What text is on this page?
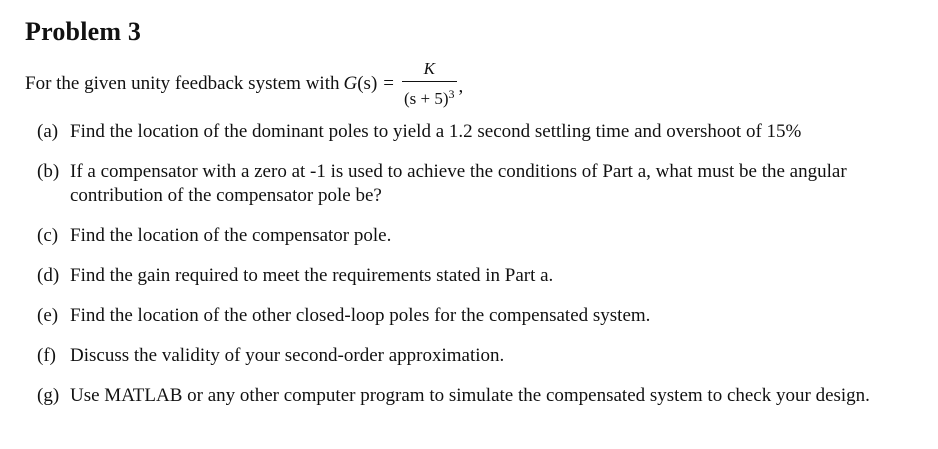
Problem 3
For the given unity feedback system with G $(s) = \frac{K}{(s + 5)^3}$ ,
(a) Find the location of the dominant poles to yield a 1.2 second settling time and overshoot of 15%
(b) If a compensator with a zero at -1 is used to achieve the conditions of Part a, what must be the angular contribution of the compensator pole be?
(c) Find the location of the compensator pole.
(d) Find the gain required to meet the requirements stated in Part a.
(e) Find the location of the other closed-loop poles for the compensated system.
(f) Discuss the validity of your second-order approximation.
(g) Use MATLAB or any other computer program to simulate the compensated system to check your design.
